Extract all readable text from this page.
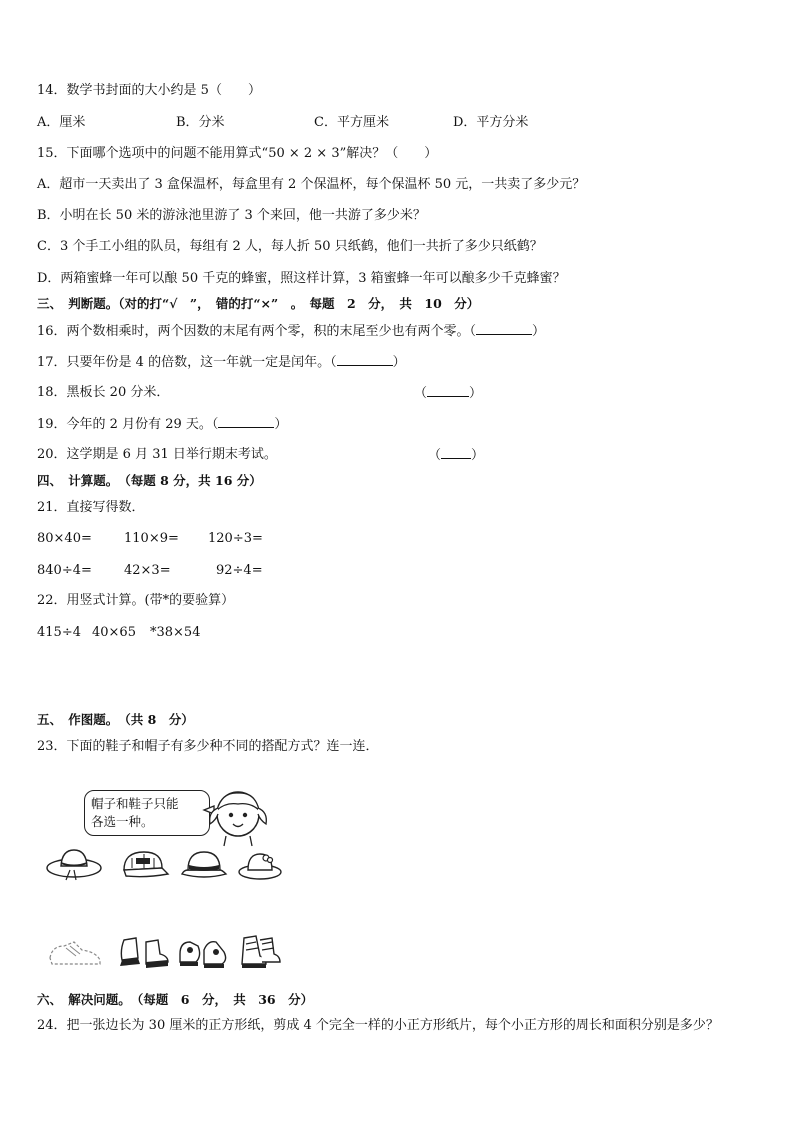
14．数学书封面的大小约是 5（　　）
A．厘米	B．分米	C．平方厘米	D．平方分米
15．下面哪个选项中的问题不能用算式“50 × 2 × 3”解决？（　　）
A．超市一天卖出了 3 盒保温杯，每盒里有 2 个保温杯，每个保温杯 50 元，一共卖了多少元？
B．小明在长 50 米的游泳池里游了 3 个来回，他一共游了多少米？
C．3 个手工小组的队员，每组有 2 人，每人折 50 只纸鹤，他们一共折了多少只纸鹤？
D．两箱蜜蜂一年可以酿 50 千克的蜂蜜，照这样计算，3 箱蜜蜂一年可以酿多少千克蜂蜜？
三、　判断题。（对的打“√　”，　错的打“×”　。　每题　2　分，　共　10　分）
16．两个数相乘时，两个因数的末尾有两个零，积的末尾至少也有两个零。（	）
17．只要年份是 4 的倍数，这一年就一定是闰年。（	）
18．黑板长 20 分米．	（	）
19．今年的 2 月份有 29 天。（	）
20．这学期是 6 月 31 日举行期末考试。	（ ）
四、　计算题。　（每题 8 分，共 16 分）
21．直接写得数．
80×40= 110×9= 120÷3=
840÷4= 42×3=	92÷4=
22．用竖式计算。(带*的要验算）
415÷4 40×65 *38×54
五、　作图题。　（共 8　分）
23．下面的鞋子和帽子有多少种不同的搭配方式？连一连．
帽子和鞋子只能
各选一种。
六、　解决问题。　（每题　6　分，　共　36　分）
24．把一张边长为 30 厘米的正方形纸，剪成 4 个完全一样的小正方形纸片，每个小正方形的周长和面积分别是多少？
